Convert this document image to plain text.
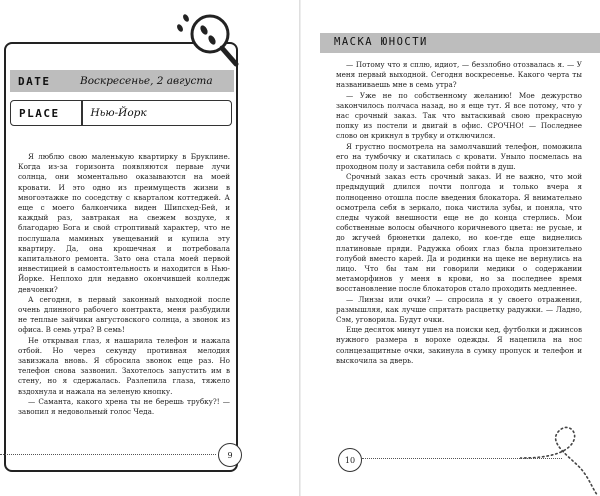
DATE	Воскресенье, 2 августа
PLACE	Нью-Йорк

Я люблю свою маленькую квартирку в Бруклине. Когда из-за горизонта появляются первые лучи солнца, они моментально оказываются на моей кровати. И это одно из преимуществ жизни в многоэтажке по соседству с кварталом коттеджей. А еще с моего балкончика виден Шипсхед-Бей, и каждый раз, завтракая на свежем воздухе, я благодарю Бога и свой строптивый характер, что не послушала маминых увещеваний и купила эту квартиру. Да, она крошечная и потребовала капитального ремонта. Зато она стала моей первой инвестицией в самостоятельность и находится в Нью-Йорке. Неплохо для недавно окончившей колледж девчонки?

А сегодня, в первый законный выходной после очень длинного рабочего контракта, меня разбудили не теплые зайчики августовского солнца, а звонок из офиса. В семь утра? В семь!

Не открывая глаз, я нашарила телефон и нажала отбой. Но через секунду противная мелодия завизжала вновь. Я сбросила звонок еще раз. Но телефон снова зазвонил. Захотелось запустить им в стену, но я сдержалась. Разлепила глаза, тяжело вздохнула и нажала на зеленую кнопку.

— Саманта, какого хрена ты не берешь трубку?! — завопил я недовольный голос Чеда.

9
МАСКА ЮНОСТИ

— Потому что я сплю, идиот, — беззлобно отозвалась я. — У меня первый выходной. Сегодня воскресенье. Какого черта ты названиваешь мне в семь утра?

— Уже не по собственному желанию! Мое дежурство закончилось полчаса назад, но я еще тут. Я все потому, что у нас срочный заказ. Так что вытаскивай свою прекрасную попку из постели и двигай в офис. СРОЧНО! — Последнее слово он крикнул в трубку и отключился.

Я грустно посмотрела на замолчавший телефон, поможила его на тумбочку и скатилась с кровати. Уныло посмелась на проходном полу и заставила себя пойти в душ.

Срочный заказ есть срочный заказ. И не важно, что мой предыдущий длился почти полгода и только вчера я полноценно отошла после введения блокатора. Я внимательно осмотрела себя в зеркало, пока чистила зубы, и поняла, что следы чужой внешности еще не до конца стерлись. Мои собственные волосы обычного коричневого цвета: не русые, и до жгучей брюнетки далеко, но кое-где еще виднелись платиновые пряди. Радужка обоих глаз была пронзительно голубой вместо карей. Да и родинки на щеке не вернулись на лицо. Что бы там ни говорили медики о содержании метаморфинов у меня в крови, но за последнее время восстановление после блокаторов стало проходить медленнее.

— Линзы или очки? — спросила я у своего отражения, размышляя, как лучше спрятать расцветку радужки. — Ладно, Сэм, уговорила. Будут очки.

Еще десяток минут ушел на поиски кед, футболки и джинсов нужного размера в ворохе одежды. Я нацепила на нос солнцезащитные очки, закинула в сумку пропуск и телефон и выскочила за дверь.

10
